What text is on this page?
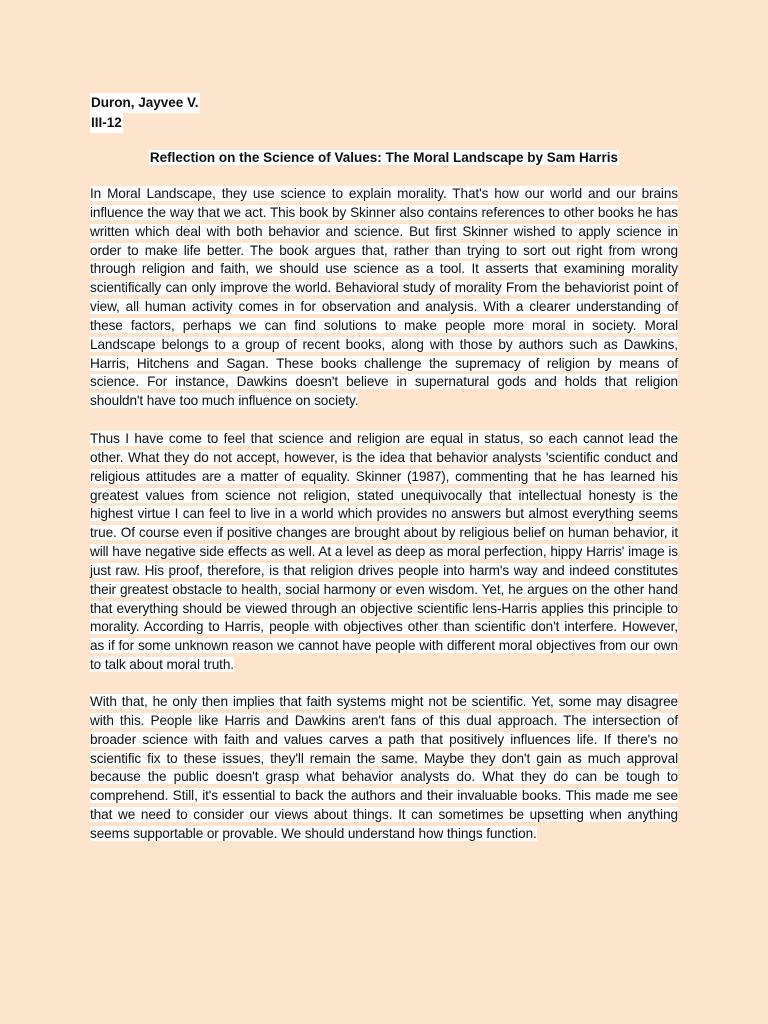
Duron, Jayvee V.
III-12
Reflection on the Science of Values: The Moral Landscape by Sam Harris

In Moral Landscape, they use science to explain morality. That's how our world and our brains influence the way that we act. This book by Skinner also contains references to other books he has written which deal with both behavior and science. But first Skinner wished to apply science in order to make life better. The book argues that, rather than trying to sort out right from wrong through religion and faith, we should use science as a tool. It asserts that examining morality scientifically can only improve the world. Behavioral study of morality From the behaviorist point of view, all human activity comes in for observation and analysis. With a clearer understanding of these factors, perhaps we can find solutions to make people more moral in society. Moral Landscape belongs to a group of recent books, along with those by authors such as Dawkins, Harris, Hitchens and Sagan. These books challenge the supremacy of religion by means of science. For instance, Dawkins doesn't believe in supernatural gods and holds that religion shouldn't have too much influence on society.

Thus I have come to feel that science and religion are equal in status, so each cannot lead the other. What they do not accept, however, is the idea that behavior analysts 'scientific conduct and religious attitudes are a matter of equality. Skinner (1987), commenting that he has learned his greatest values from science not religion, stated unequivocally that intellectual honesty is the highest virtue I can feel to live in a world which provides no answers but almost everything seems true. Of course even if positive changes are brought about by religious belief on human behavior, it will have negative side effects as well. At a level as deep as moral perfection, hippy Harris' image is just raw. His proof, therefore, is that religion drives people into harm's way and indeed constitutes their greatest obstacle to health, social harmony or even wisdom. Yet, he argues on the other hand that everything should be viewed through an objective scientific lens-Harris applies this principle to morality. According to Harris, people with objectives other than scientific don't interfere. However, as if for some unknown reason we cannot have people with different moral objectives from our own to talk about moral truth.

With that, he only then implies that faith systems might not be scientific. Yet, some may disagree with this. People like Harris and Dawkins aren't fans of this dual approach. The intersection of broader science with faith and values carves a path that positively influences life. If there's no scientific fix to these issues, they'll remain the same. Maybe they don't gain as much approval because the public doesn't grasp what behavior analysts do. What they do can be tough to comprehend. Still, it's essential to back the authors and their invaluable books. This made me see that we need to consider our views about things. It can sometimes be upsetting when anything seems supportable or provable. We should understand how things function.
